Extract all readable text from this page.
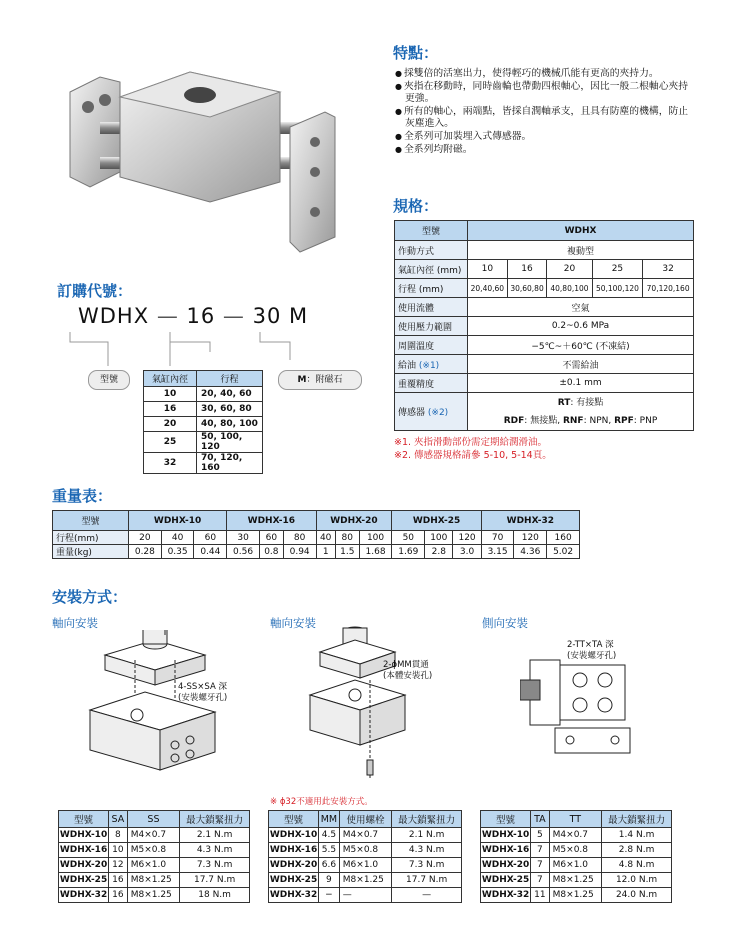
特點：
● 採雙倍的活塞出力，使得輕巧的機械爪能有更高的夾持力。
● 夾指在移動時，同時齒輪也帶動四根軸心，因比一般二根軸心夾持更強。
● 所有的軸心，兩端點，皆採自潤軸承支，且具有防塵的機構，防止灰塵進入。
● 全系列可加裝埋入式傳感器。
● 全系列均附磁。
規格：
型號	WDHX				
作動方式	複動型				
氣缸內徑 (mm)	10	16	20	25	32
行程 (mm)	20,40,60	30,60,80	40,80,100	50,100,120	70,120,160
使用流體	空氣				
使用壓力範圍	0.2~0.6 MPa				
周圍溫度	−5℃~＋60℃ (不凍結)				
給油 (※1)	不需給油				
重覆精度	±0.1 mm				
傳感器 (※2)	RT: 有接點
RDF: 無接點, RNF: NPN, RPF: PNP				
※1. 夾指滑動部份需定期給潤滑油。
※2. 傳感器規格請參 5-10, 5-14頁。
訂購代號：
WDHX — 16 — 30 M
型號	氣缸內徑	行程
10	20, 40, 60
16	30, 60, 80
20	40, 80, 100
25	50, 100, 120
32	70, 120, 160
M：附磁石
重量表：
型號	WDHX-10			WDHX-16			WDHX-20			WDHX-25			WDHX-32		
行程(mm)	20	40	60	30	60	80	40	80	100	50	100	120	70	120	160
重量(kg)	0.28	0.35	0.44	0.56	0.8	0.94	1	1.5	1.68	1.69	2.8	3.0	3.15	4.36	5.02
安裝方式：
軸向安裝	軸向安裝	側向安裝
4-SS×SA 深
(安裝螺牙孔)
2-ϕMM貫通
(本體安裝孔)
※ ϕ32不適用此安裝方式。
2-TT×TA 深
(安裝螺牙孔)
型號	SA	SS	最大鎖緊扭力
WDHX-10	8	M4×0.7	2.1 N.m
WDHX-16	10	M5×0.8	4.3 N.m
WDHX-20	12	M6×1.0	7.3 N.m
WDHX-25	16	M8×1.25	17.7 N.m
WDHX-32	16	M8×1.25	18 N.m
型號	MM	使用螺栓	最大鎖緊扭力
WDHX-10	4.5	M4×0.7	2.1 N.m
WDHX-16	5.5	M5×0.8	4.3 N.m
WDHX-20	6.6	M6×1.0	7.3 N.m
WDHX-25	9	M8×1.25	17.7 N.m
WDHX-32	−	—	—
型號	TA	TT	最大鎖緊扭力
WDHX-10	5	M4×0.7	1.4 N.m
WDHX-16	7	M5×0.8	2.8 N.m
WDHX-20	7	M6×1.0	4.8 N.m
WDHX-25	7	M8×1.25	12.0 N.m
WDHX-32	11	M8×1.25	24.0 N.m
